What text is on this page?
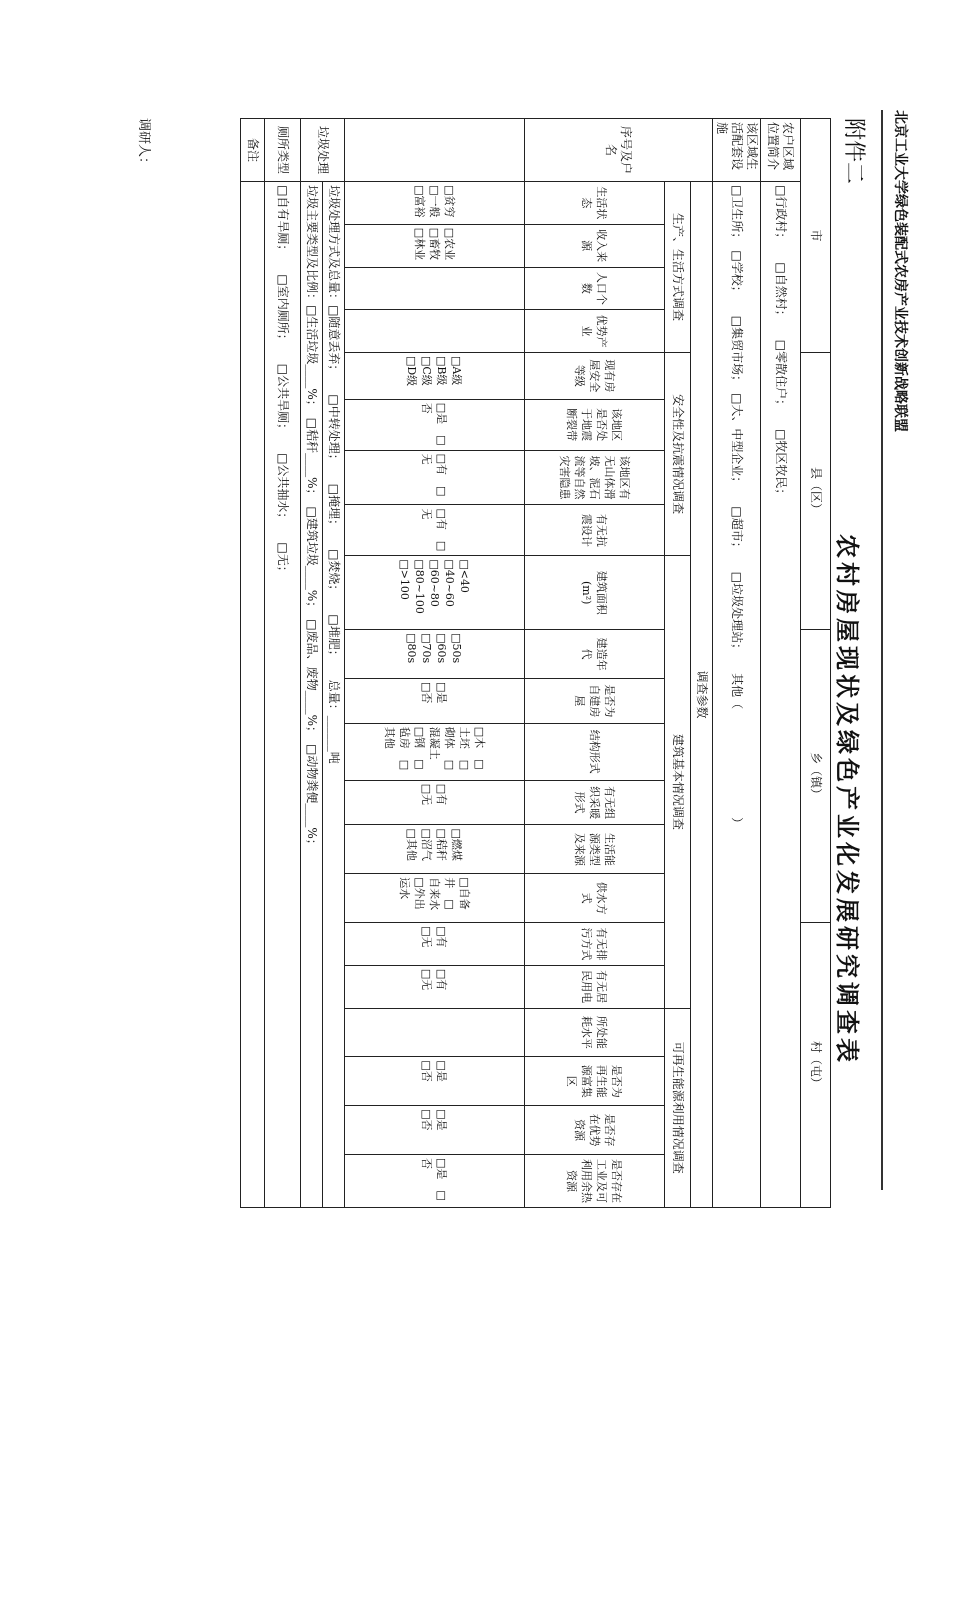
北京工业大学绿色装配式农房产业技术创新战略联盟
附件二
农村房屋现状及绿色产业化发展研究调查表
市					县（区）					乡（镇）						村（屯）					
农户区域位置简介	□行政村；　　□自然村；　　□零散住户；　　□牧区牧民；																				
该区域生活配套设施	□卫生所；　□学校；　　□集贸市场；　□大、中型企业；　　□超市；　　□垃圾处理站；　　其他（　　　　　　　　　）																				
序号及户名	调查参数																				
	生产、生活方式调查				安全性及抗震情况调查				建筑基本情况调查									可再生能源利用情况调查			
	生活状态	收入来源	人口个数	优势产业	现有房屋安全等级	该地区是否处于地震断裂带	该地区有无山体滑坡、泥石流等自然灾害隐患	有无抗震设计	建筑面积(m²)	建造年代	是否为自建房屋	结构形式	有无组织采暖形式	生活能源类型及来源	供水方式	有无排污方式	有无居民用电	所处能耗水平	是否为再生能源富集区	是否存在优势资源	是否存在工业及可利用余热资源
	□贫穷　□一般　□富裕	□农业　□畜牧　□林业			□A级　□B级　□C级　□D级	□是　□否	□有　□无	□有　□无	□<40　□40~60　□60~80　□80~100　□>100	□50s　□60s　□70s　□80s	□是　□否	□木　□土坯　□砌体　□混凝土　□钢　□毡房　□其他	□有　□无	□燃煤　□秸秆　□沼气　□其他	□自备井　□自来水　□外出运水	□有　□无	□有　□无		□是　□否	□是　□否	□是　□否
垃圾处理	垃圾处理方式及总量：□随意丢弃；　　□中转处理；　　□掩埋；　　□焚烧；　　□堆肥；　　总量：______吨																				
	垃圾主要类型及比例：□生活垃圾____%；　□秸秆____%；　□建筑垃圾____%；　□废品、废物____%；　□动物粪便____%；																				
厕所类型	□自有旱厕；　　□室内厕所；　　□公共旱厕；　　□公共抽水；　　□无；																				
备注																					
调研人：
